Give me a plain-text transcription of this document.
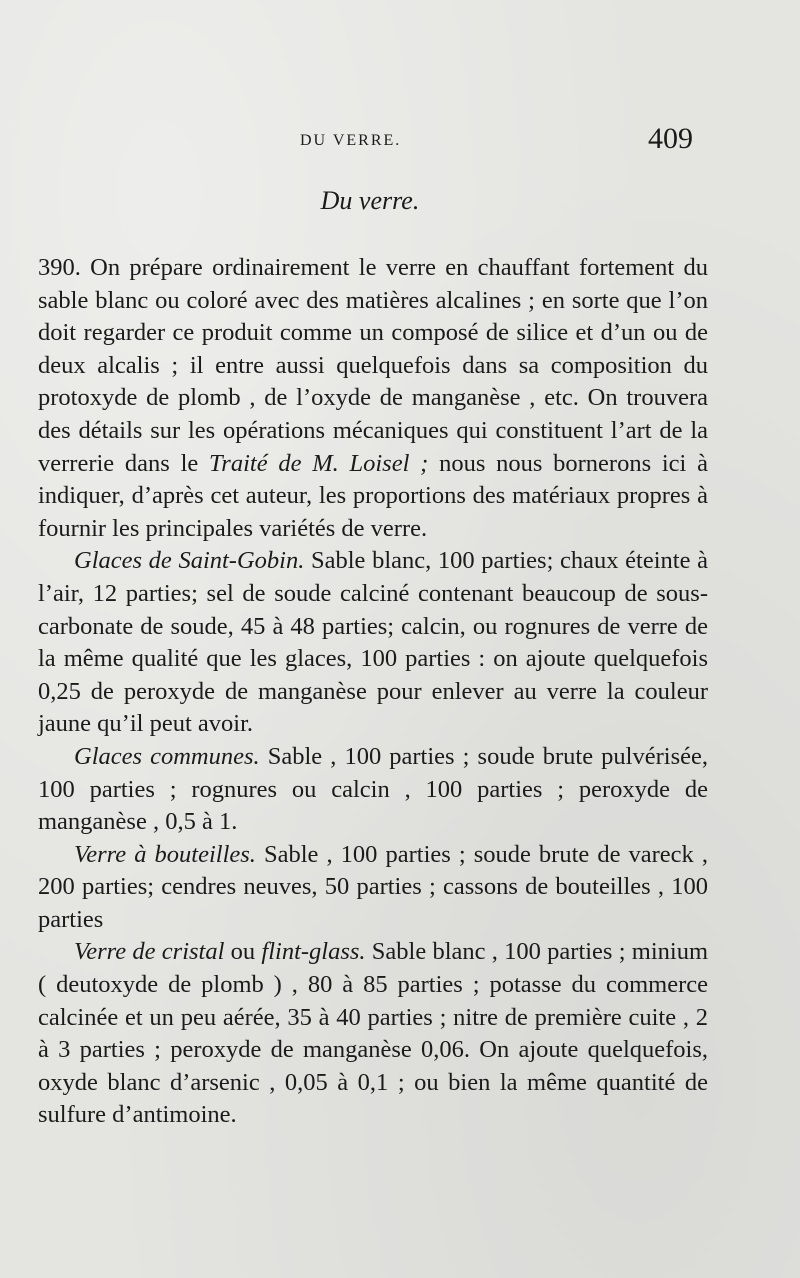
DU VERRE.	409
Du verre.

390. On prépare ordinairement le verre en chauffant fortement du sable blanc ou coloré avec des matières alcalines ; en sorte que l’on doit regarder ce produit comme un composé de silice et d’un ou de deux alcalis ; il entre aussi quelquefois dans sa composition du protoxyde de plomb , de l’oxyde de manganèse , etc. On trouvera des détails sur les opérations mécaniques qui constituent l’art de la verrerie dans le Traité de M. Loisel ; nous nous bornerons ici à indiquer, d’après cet auteur, les proportions des matériaux propres à fournir les principales variétés de verre.

Glaces de Saint-Gobin. Sable blanc, 100 parties; chaux éteinte à l’air, 12 parties; sel de soude calciné contenant beaucoup de sous-carbonate de soude, 45 à 48 parties; calcin, ou rognures de verre de la même qualité que les glaces, 100 parties : on ajoute quelquefois 0,25 de peroxyde de manganèse pour enlever au verre la couleur jaune qu’il peut avoir.

Glaces communes. Sable , 100 parties ; soude brute pulvérisée, 100 parties ; rognures ou calcin , 100 parties ; peroxyde de manganèse , 0,5 à 1.

Verre à bouteilles. Sable , 100 parties ; soude brute de vareck , 200 parties; cendres neuves, 50 parties ; cassons de bouteilles , 100 parties

Verre de cristal ou flint-glass. Sable blanc , 100 parties ; minium ( deutoxyde de plomb ) , 80 à 85 parties ; potasse du commerce calcinée et un peu aérée, 35 à 40 parties ; nitre de première cuite , 2 à 3 parties ; peroxyde de manganèse 0,06. On ajoute quelquefois, oxyde blanc d’arsenic , 0,05 à 0,1 ; ou bien la même quantité de sulfure d’antimoine.
